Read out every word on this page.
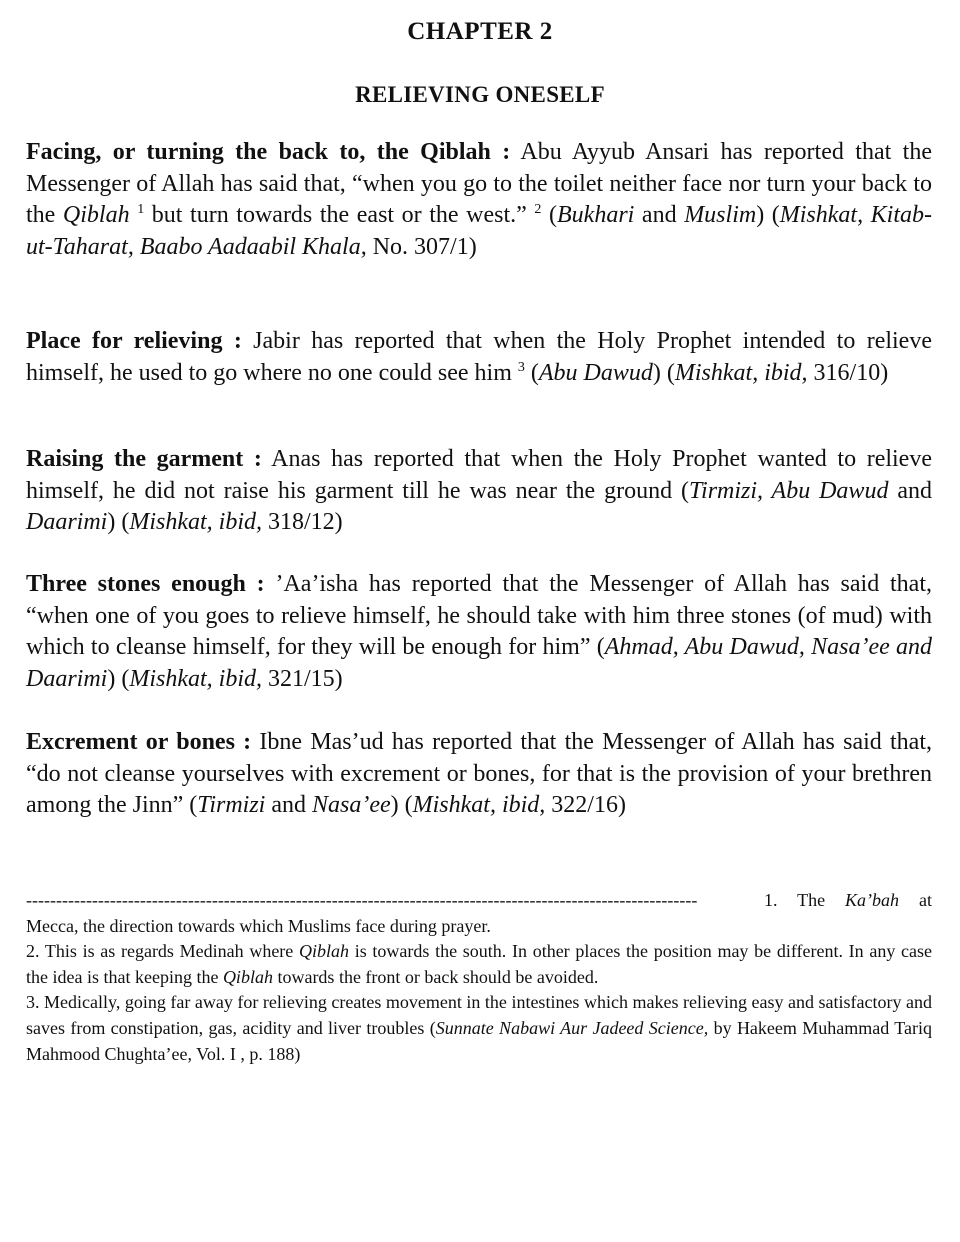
CHAPTER 2
RELIEVING ONESELF

Facing, or turning the back to, the Qiblah : Abu Ayyub Ansari has reported that the Messenger of Allah has said that, “when you go to the toilet neither face nor turn your back to the Qiblah $^1$ but turn towards the east or the west.” $^2$ (Bukhari and Muslim) (Mishkat, Kitab-ut-Taharat, Baabo Aadaabil Khala, No. 307/1)

Place for relieving : Jabir has reported that when the Holy Prophet intended to relieve himself, he used to go where no one could see him $^3$ (Abu Dawud) (Mishkat, ibid, 316/10)

Raising the garment : Anas has reported that when the Holy Prophet wanted to relieve himself, he did not raise his garment till he was near the ground (Tirmizi, Abu Dawud and Daarimi) (Mishkat, ibid, 318/12)

Three stones enough : ’Aa’isha has reported that the Messenger of Allah has said that, “when one of you goes to relieve himself, he should take with him three stones (of mud) with which to cleanse himself, for they will be enough for him” (Ahmad, Abu Dawud, Nasa’ee and Daarimi) (Mishkat, ibid, 321/15)

Excrement or bones : Ibne Mas’ud has reported that the Messenger of Allah has said that, “do not cleanse yourselves with excrement or bones, for that is the provision of your brethren among the Jinn” (Tirmizi and Nasa’ee) (Mishkat, ibid, 322/16)

----------------------------------------------------------------------------------------------------------------	1. The Ka’bah at Mecca, the direction towards which Muslims face during prayer.

2. This is as regards Medinah where Qiblah is towards the south. In other places the position may be different. In any case the idea is that keeping the Qiblah towards the front or back should be avoided.

3. Medically, going far away for relieving creates movement in the intestines which makes relieving easy and satisfactory and saves from constipation, gas, acidity and liver troubles (Sunnate Nabawi Aur Jadeed Science, by Hakeem Muhammad Tariq Mahmood Chughta’ee, Vol. I , p. 188)
